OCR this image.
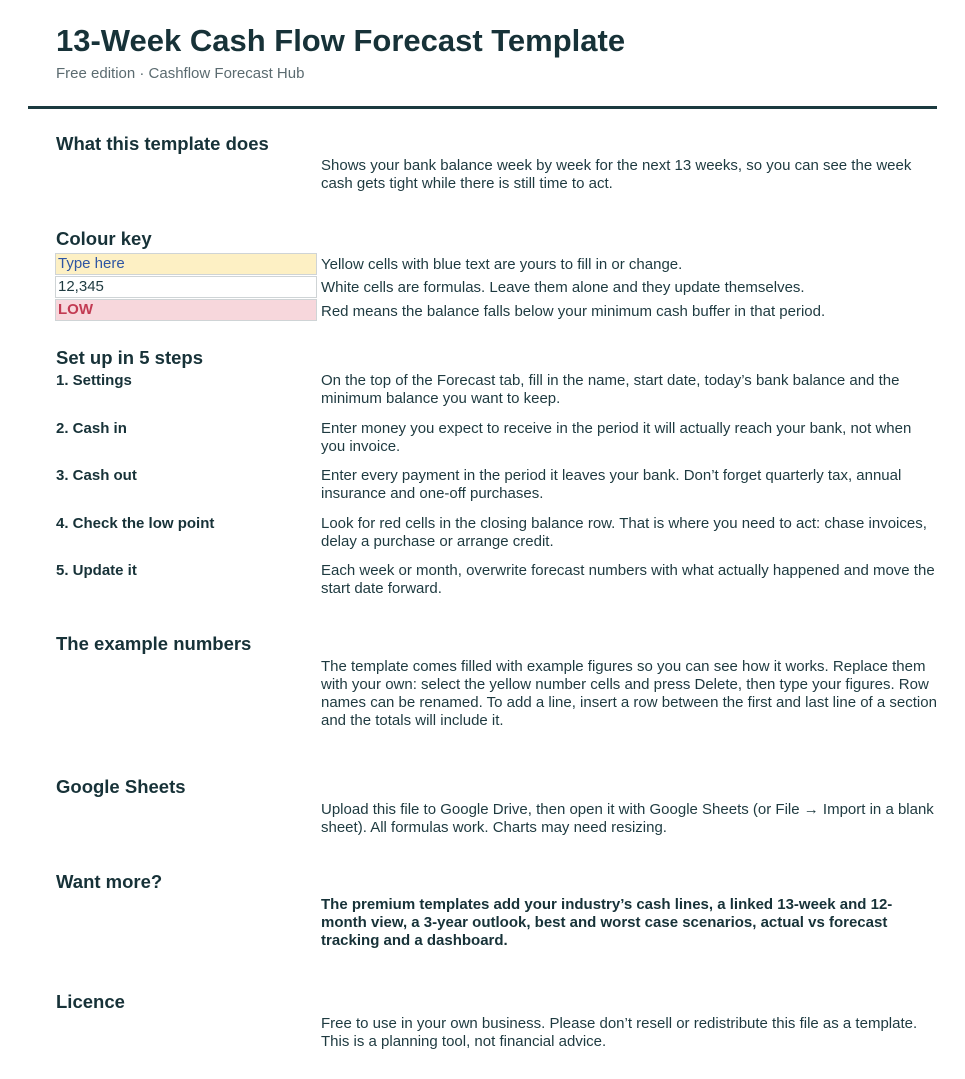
13-Week Cash Flow Forecast Template
Free edition · Cashflow Forecast Hub
What this template does
Shows your bank balance week by week for the next 13 weeks, so you can see the week cash gets tight while there is still time to act.
Colour key
Type here	Yellow cells with blue text are yours to fill in or change.
12,345	White cells are formulas. Leave them alone and they update themselves.
LOW	Red means the balance falls below your minimum cash buffer in that period.
Set up in 5 steps
1. Settings	On the top of the Forecast tab, fill in the name, start date, today’s bank balance and the minimum balance you want to keep.
2. Cash in	Enter money you expect to receive in the period it will actually reach your bank, not when you invoice.
3. Cash out	Enter every payment in the period it leaves your bank. Don’t forget quarterly tax, annual insurance and one-off purchases.
4. Check the low point	Look for red cells in the closing balance row. That is where you need to act: chase invoices, delay a purchase or arrange credit.
5. Update it	Each week or month, overwrite forecast numbers with what actually happened and move the start date forward.
The example numbers
The template comes filled with example figures so you can see how it works. Replace them with your own: select the yellow number cells and press Delete, then type your figures. Row names can be renamed. To add a line, insert a row between the first and last line of a section and the totals will include it.
Google Sheets
Upload this file to Google Drive, then open it with Google Sheets (or File → Import in a blank sheet). All formulas work. Charts may need resizing.
Want more?
The premium templates add your industry’s cash lines, a linked 13-week and 12-month view, a 3-year outlook, best and worst case scenarios, actual vs forecast tracking and a dashboard.
Licence
Free to use in your own business. Please don’t resell or redistribute this file as a template. This is a planning tool, not financial advice.
